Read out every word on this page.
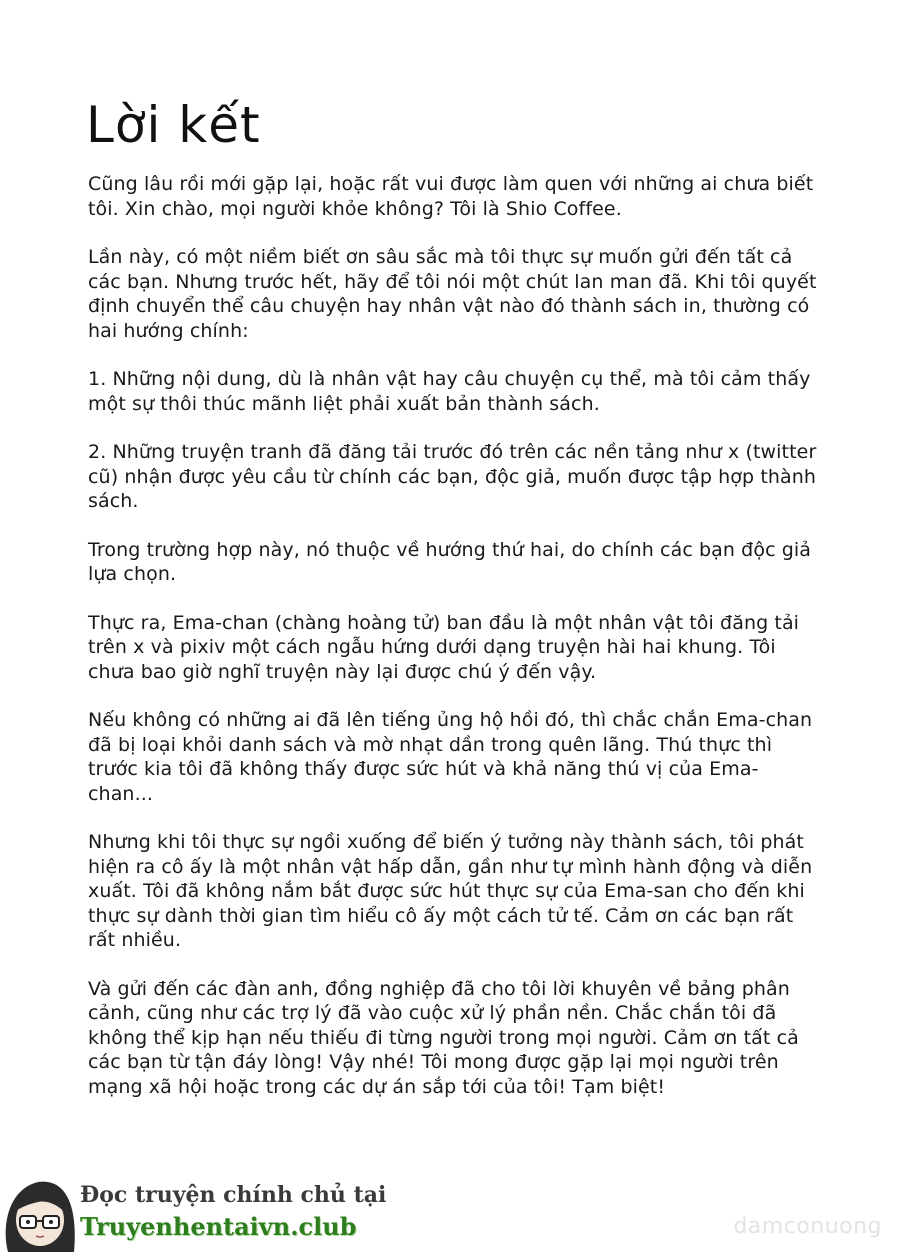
Lời kết

Cũng lâu rồi mới gặp lại, hoặc rất vui được làm quen với những ai chưa biết tôi. Xin chào, mọi người khỏe không? Tôi là Shio Coffee.

Lần này, có một niềm biết ơn sâu sắc mà tôi thực sự muốn gửi đến tất cả các bạn. Nhưng trước hết, hãy để tôi nói một chút lan man đã. Khi tôi quyết định chuyển thể câu chuyện hay nhân vật nào đó thành sách in, thường có hai hướng chính:

1. Những nội dung, dù là nhân vật hay câu chuyện cụ thể, mà tôi cảm thấy một sự thôi thúc mãnh liệt phải xuất bản thành sách.

2. Những truyện tranh đã đăng tải trước đó trên các nền tảng như x (twitter cũ) nhận được yêu cầu từ chính các bạn, độc giả, muốn được tập hợp thành sách.

Trong trường hợp này, nó thuộc về hướng thứ hai, do chính các bạn độc giả lựa chọn.

Thực ra, Ema-chan (chàng hoàng tử) ban đầu là một nhân vật tôi đăng tải trên x và pixiv một cách ngẫu hứng dưới dạng truyện hài hai khung. Tôi chưa bao giờ nghĩ truyện này lại được chú ý đến vậy.

Nếu không có những ai đã lên tiếng ủng hộ hồi đó, thì chắc chắn Ema-chan đã bị loại khỏi danh sách và mờ nhạt dần trong quên lãng. Thú thực thì trước kia tôi đã không thấy được sức hút và khả năng thú vị của Ema-chan...

Nhưng khi tôi thực sự ngồi xuống để biến ý tưởng này thành sách, tôi phát hiện ra cô ấy là một nhân vật hấp dẫn, gần như tự mình hành động và diễn xuất. Tôi đã không nắm bắt được sức hút thực sự của Ema-san cho đến khi thực sự dành thời gian tìm hiểu cô ấy một cách tử tế. Cảm ơn các bạn rất rất nhiều.

Và gửi đến các đàn anh, đồng nghiệp đã cho tôi lời khuyên về bảng phân cảnh, cũng như các trợ lý đã vào cuộc xử lý phần nền. Chắc chắn tôi đã không thể kịp hạn nếu thiếu đi từng người trong mọi người. Cảm ơn tất cả các bạn từ tận đáy lòng! Vậy nhé! Tôi mong được gặp lại mọi người trên mạng xã hội hoặc trong các dự án sắp tới của tôi! Tạm biệt!

Đọc truyện chính chủ tại

Truyenhentaivn.club	damconuong
